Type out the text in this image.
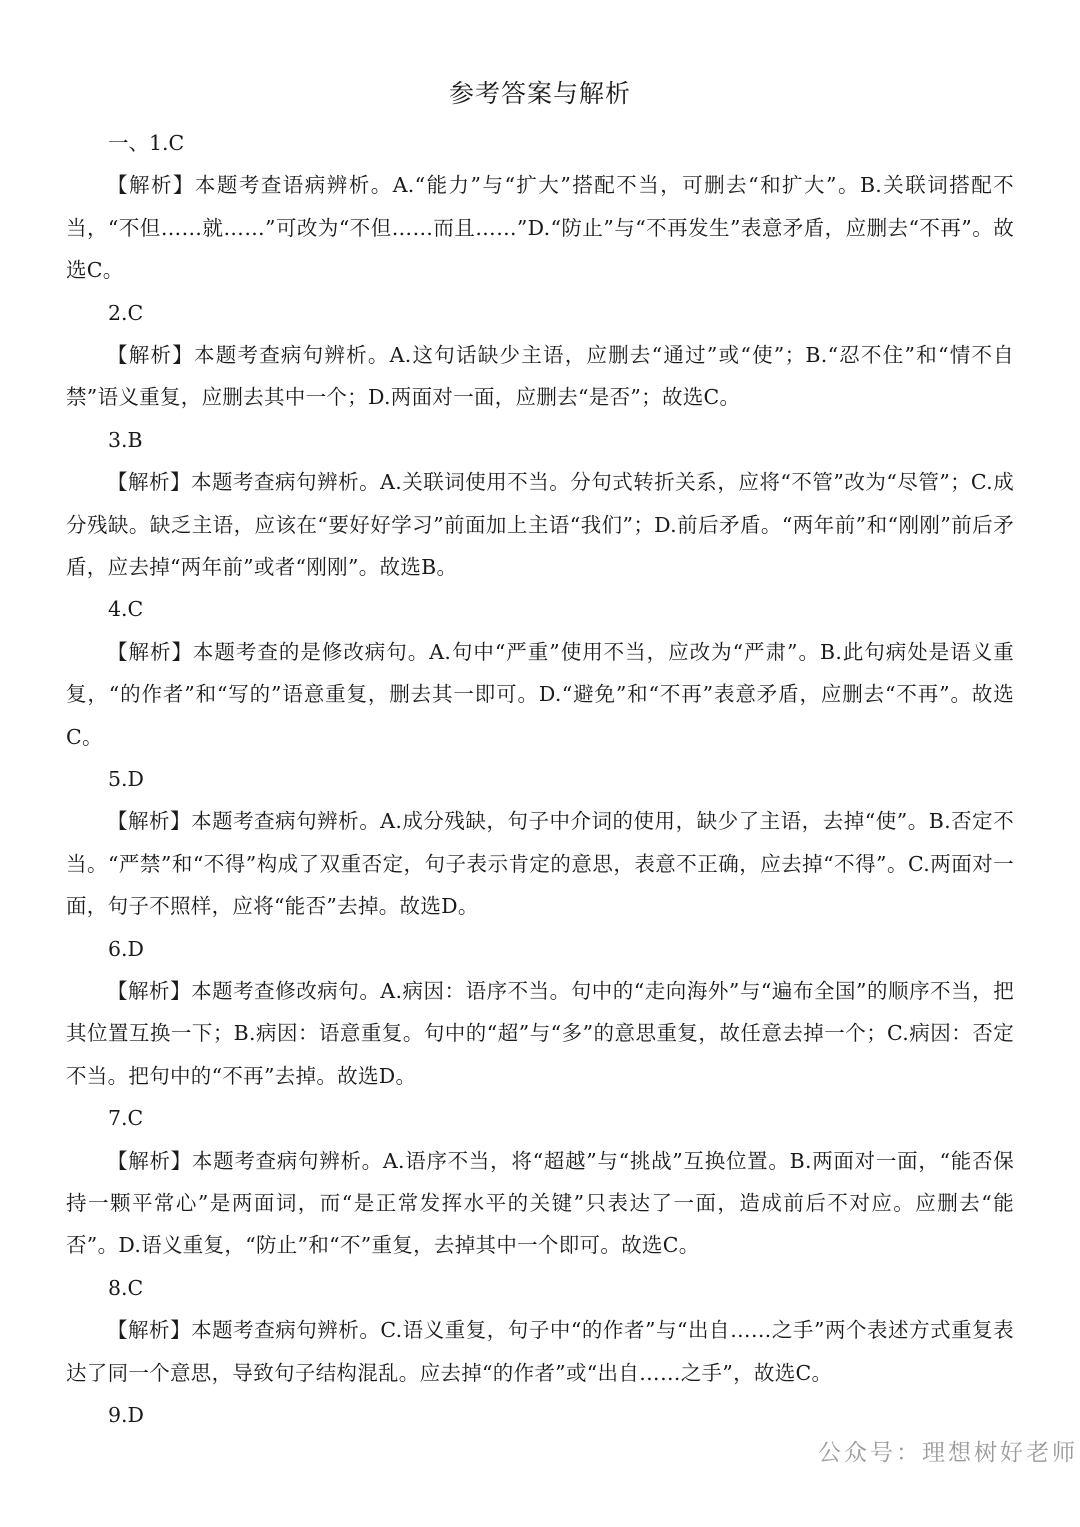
参考答案与解析
一、1.C
【解析】本题考查语病辨析。A.“能力”与“扩大”搭配不当，可删去“和扩大”。B.关联词搭配不当，“不但……就……”可改为“不但……而且……”D.“防止”与“不再发生”表意矛盾，应删去“不再”。故选C。
2.C
【解析】本题考查病句辨析。A.这句话缺少主语，应删去“通过”或“使”；B.“忍不住”和“情不自禁”语义重复，应删去其中一个；D.两面对一面，应删去“是否”；故选C。
3.B
【解析】本题考查病句辨析。A.关联词使用不当。分句式转折关系，应将“不管”改为“尽管”；C.成分残缺。缺乏主语，应该在“要好好学习”前面加上主语“我们”；D.前后矛盾。“两年前”和“刚刚”前后矛盾，应去掉“两年前”或者“刚刚”。故选B。
4.C
【解析】本题考查的是修改病句。A.句中“严重”使用不当，应改为“严肃”。B.此句病处是语义重复，“的作者”和“写的”语意重复，删去其一即可。D.“避免”和“不再”表意矛盾，应删去“不再”。故选C。
5.D
【解析】本题考查病句辨析。A.成分残缺，句子中介词的使用，缺少了主语，去掉“使”。B.否定不当。“严禁”和“不得”构成了双重否定，句子表示肯定的意思，表意不正确，应去掉“不得”。C.两面对一面，句子不照样，应将“能否”去掉。故选D。
6.D
【解析】本题考查修改病句。A.病因：语序不当。句中的“走向海外”与“遍布全国”的顺序不当，把其位置互换一下；B.病因：语意重复。句中的“超”与“多”的意思重复，故任意去掉一个；C.病因：否定不当。把句中的“不再”去掉。故选D。
7.C
【解析】本题考查病句辨析。A.语序不当，将“超越”与“挑战”互换位置。B.两面对一面，“能否保持一颗平常心”是两面词，而“是正常发挥水平的关键”只表达了一面，造成前后不对应。应删去“能否”。D.语义重复，“防止”和“不”重复，去掉其中一个即可。故选C。
8.C
【解析】本题考查病句辨析。C.语义重复，句子中“的作者”与“出自……之手”两个表述方式重复表达了同一个意思，导致句子结构混乱。应去掉“的作者”或“出自……之手”，故选C。
9.D
公众号：理想树好老师
